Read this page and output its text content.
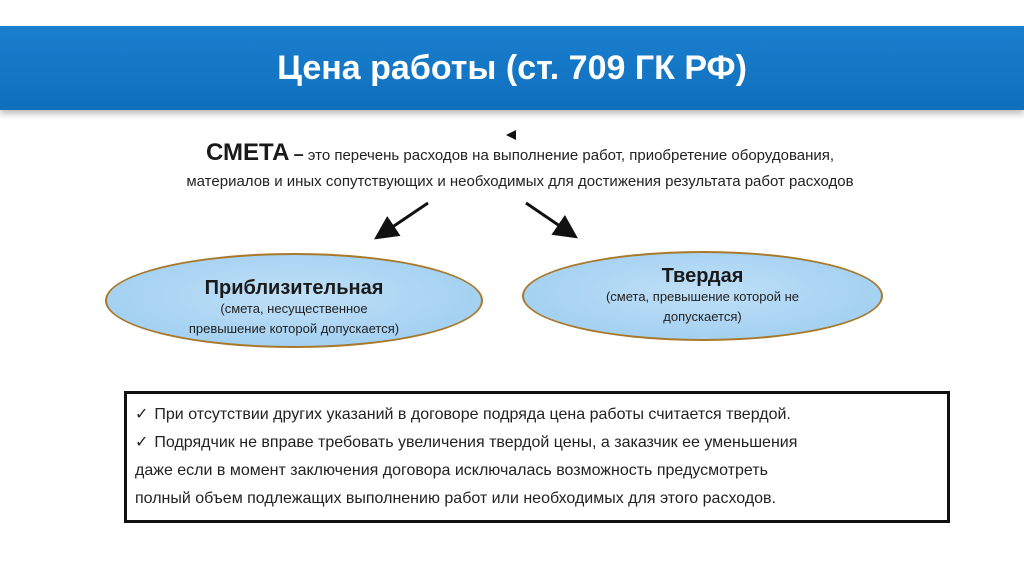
Цена работы (ст. 709 ГК РФ)
СМЕТА – это перечень расходов на выполнение работ, приобретение оборудования,
материалов и иных сопутствующих и необходимых для достижения результата работ расходов
Приблизительная
(смета, несущественное
превышение которой допускается)
Твердая
(смета, превышение которой не
допускается)

✓ При отсутствии других указаний в договоре подряда цена работы считается твердой.

✓ Подрядчик не вправе требовать увеличения твердой цены, а заказчик ее уменьшения

даже если в момент заключения договора исключалась возможность предусмотреть

полный объем подлежащих выполнению работ или необходимых для этого расходов.
